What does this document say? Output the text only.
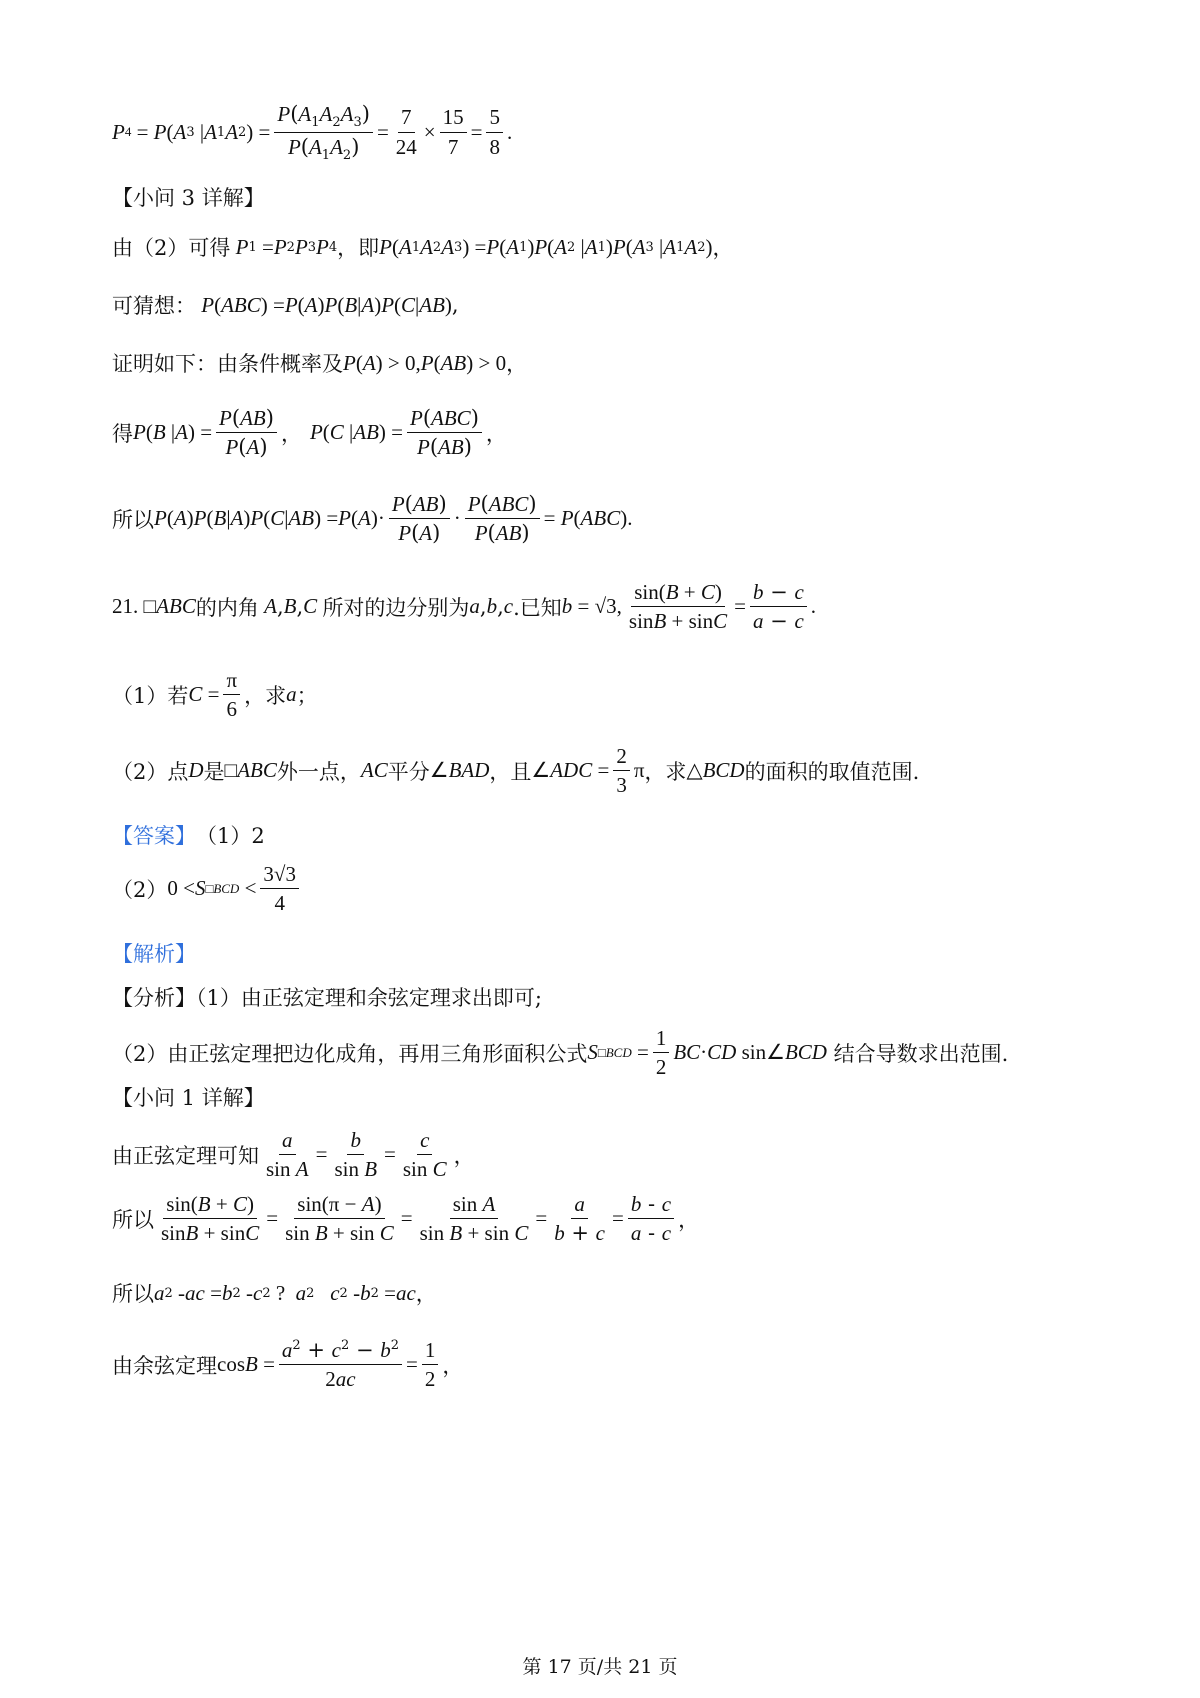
P 4 = P ( A 3 | A 1 A 2 ) = $\frac{P(A_1A_2A_3)}{P(A_1A_2)} = \frac{7}{24} \times \frac{15}{7} = \frac{5}{8}$ .
【小问 3 详解】
由（2）可得 P 1 = P 2 P 3 P 4 ，即 P ( A 1 A 2 A 3 ) = P ( A 1 ) P ( A 2 | A 1 ) P ( A 3 | A 1 A 2 ) ，
可猜想： P ( ABC ) = P ( A ) P ( B | A ) P ( C | AB ) ,
证明如下：由条件概率及 P ( A ) > 0, P ( AB ) > 0 ，
得 P ( B | A ) = $\frac{P(AB)}{P(A)}$ ， P ( C | AB ) = $\frac{\text{P(ABC)}}{P(AB)}$ ，
所以 P ( A ) P ( B | A ) P ( C | AB ) = P ( A )· $\frac{P(AB)}{P(A)} \cdot \frac{\text{P(ABC)}}{P(AB)} = P$ ( ABC ).
21. □ ABC 的内角 A , B , C 所对的边分别为 a , b , c .已知 b = √3, $\frac{\sin(B + C)}{\sin B + \sin C} = \frac{b - c}{a - c}$ .
（1）若 $C = \frac{\pi}{6}$ ，求 a ；
（2）点 D 是 □ ABC 外一点， AC 平分 ∠ BAD ，且 ∠ ADC = $\frac{2}{3}$ π ，求 △ BCD 的面积的取值范围.
【答案】 （1）2
（2） 0 < S □BCD < $\frac{3√3}{4}$
【解析】
【分析】（1）由正弦定理和余弦定理求出即可;
（2）由正弦定理把边化成角，再用三角形面积公式 S □BCD = $\frac{1}{2}$ BC · CD sin∠ BCD
结合导数求出范围.
【小问 1 详解】
由正弦定理可知 $\frac{a}{\text{sin A}} = \frac{b}{\text{sin B}} = \frac{c}{\text{sin C}}$ ，
所以 $\frac{\sin(B + C)}{\sin B + \sin C} = \frac{\sin(\pi - A)}{\text{sin B + sin C}} = \frac{\text{sin A}}{\text{sin B + sin C}} = \frac{a}{b + c} = \frac{b - c}{a - c}$ ，
所以 a 2 - ac = b 2 - c 2 ? a 2
c 2 - b 2 = ac ，
由余弦定理 $\cos B = \frac{a^2 + c^2 - b^2}{2ac} = \frac{1}{2}$ ，
第 17 页/共 21 页
